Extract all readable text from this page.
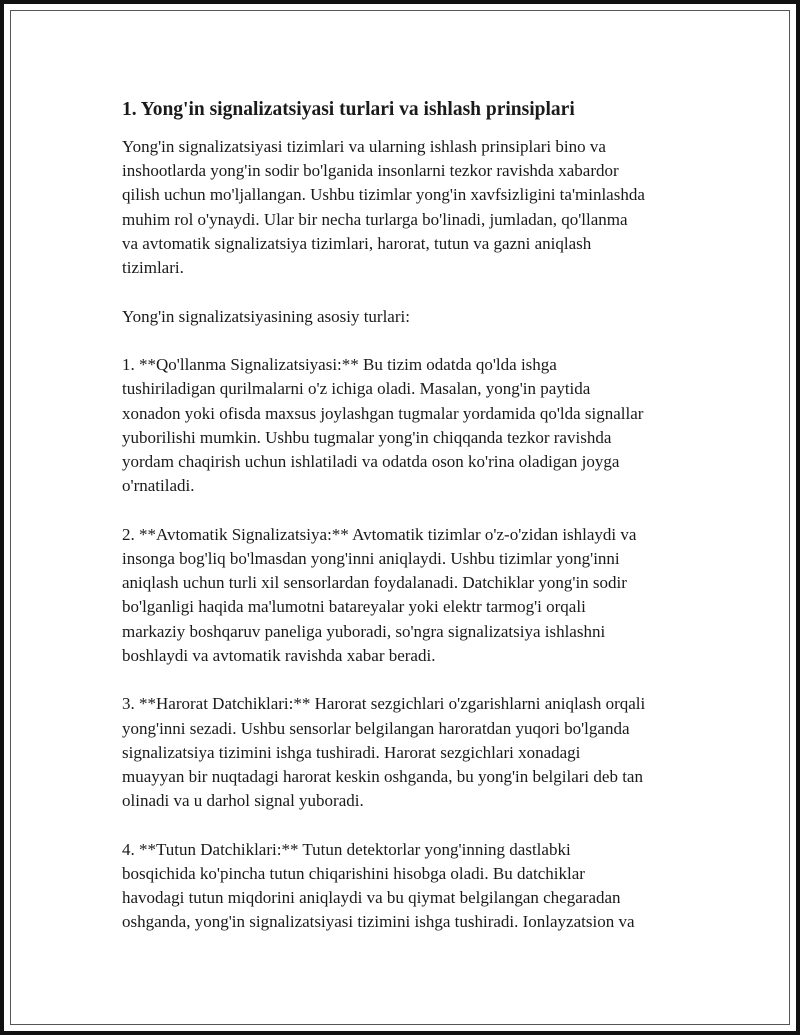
1. Yong'in signalizatsiyasi turlari va ishlash prinsiplari

Yong'in signalizatsiyasi tizimlari va ularning ishlash prinsiplari bino va
inshootlarda yong'in sodir bo'lganida insonlarni tezkor ravishda xabardor
qilish uchun mo'ljallangan. Ushbu tizimlar yong'in xavfsizligini ta'minlashda
muhim rol o'ynaydi. Ular bir necha turlarga bo'linadi, jumladan, qo'llanma
va avtomatik signalizatsiya tizimlari, harorat, tutun va gazni aniqlash
tizimlari.

Yong'in signalizatsiyasining asosiy turlari:

1. **Qo'llanma Signalizatsiyasi:** Bu tizim odatda qo'lda ishga
tushiriladigan qurilmalarni o'z ichiga oladi. Masalan, yong'in paytida
xonadon yoki ofisda maxsus joylashgan tugmalar yordamida qo'lda signallar
yuborilishi mumkin. Ushbu tugmalar yong'in chiqqanda tezkor ravishda
yordam chaqirish uchun ishlatiladi va odatda oson ko'rina oladigan joyga
o'rnatiladi.

2. **Avtomatik Signalizatsiya:** Avtomatik tizimlar o'z-o'zidan ishlaydi va
insonga bog'liq bo'lmasdan yong'inni aniqlaydi. Ushbu tizimlar yong'inni
aniqlash uchun turli xil sensorlardan foydalanadi. Datchiklar yong'in sodir
bo'lganligi haqida ma'lumotni batareyalar yoki elektr tarmog'i orqali
markaziy boshqaruv paneliga yuboradi, so'ngra signalizatsiya ishlashni
boshlaydi va avtomatik ravishda xabar beradi.

3. **Harorat Datchiklari:** Harorat sezgichlari o'zgarishlarni aniqlash orqali
yong'inni sezadi. Ushbu sensorlar belgilangan haroratdan yuqori bo'lganda
signalizatsiya tizimini ishga tushiradi. Harorat sezgichlari xonadagi
muayyan bir nuqtadagi harorat keskin oshganda, bu yong'in belgilari deb tan
olinadi va u darhol signal yuboradi.

4. **Tutun Datchiklari:** Tutun detektorlar yong'inning dastlabki
bosqichida ko'pincha tutun chiqarishini hisobga oladi. Bu datchiklar
havodagi tutun miqdorini aniqlaydi va bu qiymat belgilangan chegaradan
oshganda, yong'in signalizatsiyasi tizimini ishga tushiradi. Ionlayzatsion va
